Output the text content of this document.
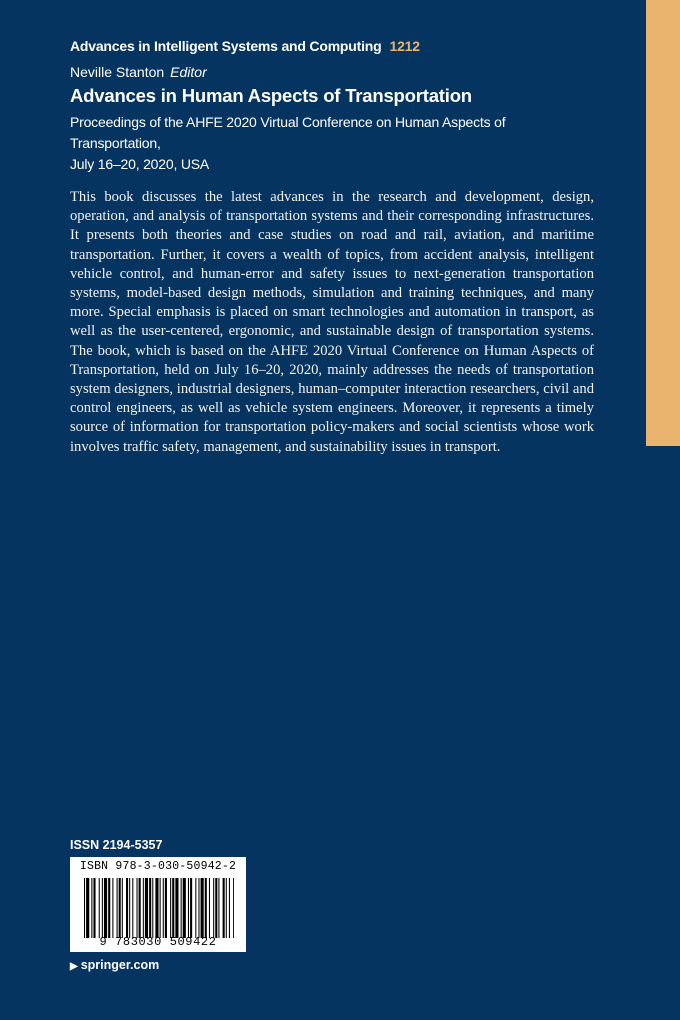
Advances in Intelligent Systems and Computing 1212
Neville Stanton Editor
Advances in Human Aspects of Transportation
Proceedings of the AHFE 2020 Virtual Conference on Human Aspects of Transportation,
July 16–20, 2020, USA
This book discusses the latest advances in the research and development, design, operation, and analysis of transportation systems and their corresponding infrastructures. It presents both theories and case studies on road and rail, aviation, and maritime transportation. Further, it covers a wealth of topics, from accident analysis, intelligent vehicle control, and human-error and safety issues to next-generation transportation systems, model-based design methods, simulation and training techniques, and many more. Special emphasis is placed on smart technologies and automation in transport, as well as the user-centered, ergonomic, and sustainable design of transportation systems. The book, which is based on the AHFE 2020 Virtual Conference on Human Aspects of Transportation, held on July 16–20, 2020, mainly addresses the needs of transportation system designers, industrial designers, human–computer interaction researchers, civil and control engineers, as well as vehicle system engineers. Moreover, it represents a timely source of information for transportation policy-makers and social scientists whose work involves traffic safety, management, and sustainability issues in transport.
ISSN 2194-5357
ISBN 978-3-030-50942-2
9 783030 509422
▶ springer.com
